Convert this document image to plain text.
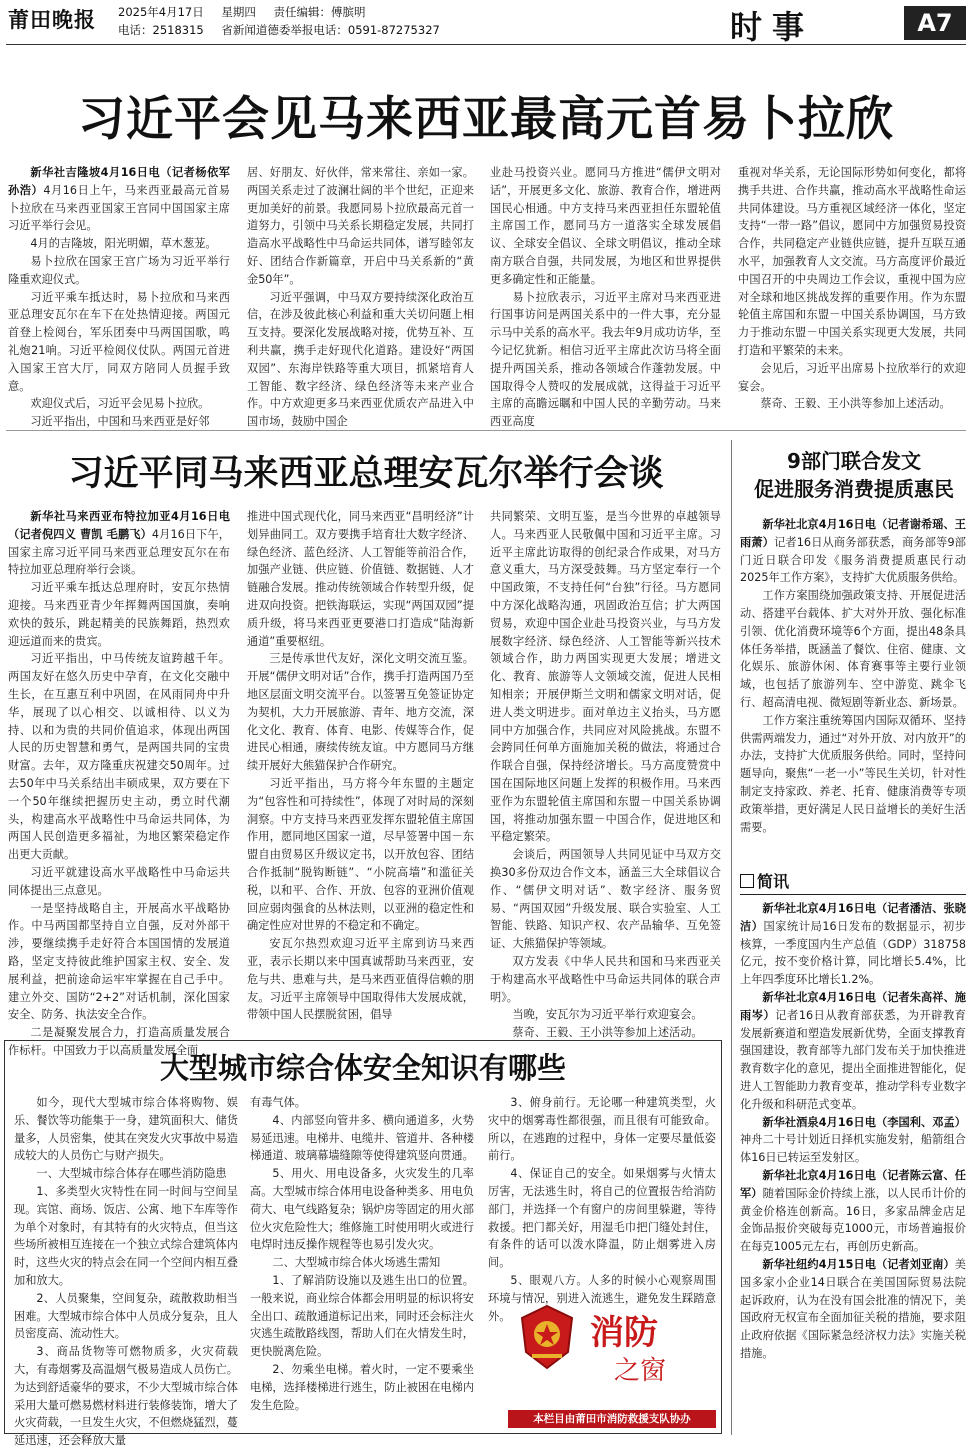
莆田晚报 2025年4月17日 星期四 责任编辑：傅膑明
电话：2518315 省新闻道德委举报电话：0591-87275327	时事	A7
习近平会见马来西亚最高元首易卜拉欣

新华社吉隆坡4月16日电（记者杨依军 孙浩）4月16日上午，马来西亚最高元首易卜拉欣在马来西亚国家王宫同中国国家主席习近平举行会见。

4月的吉隆坡，阳光明媚，草木葱茏。

易卜拉欣在国家王宫广场为习近平举行隆重欢迎仪式。

习近平乘车抵达时，易卜拉欣和马来西亚总理安瓦尔在车下在处热情迎接。两国元首登上检阅台，军乐团奏中马两国国歌，鸣礼炮21响。习近平检阅仪仗队。两国元首进入国家王宫大厅，同双方陪同人员握手致意。

欢迎仪式后，习近平会见易卜拉欣。

习近平指出，中国和马来西亚是好邻

居、好朋友、好伙伴，常来常往、亲如一家。两国关系走过了波澜壮阔的半个世纪，正迎来更加美好的前景。我愿同易卜拉欣最高元首一道努力，引领中马关系长期稳定发展，共同打造高水平战略性中马命运共同体，谱写睦邻友好、团结合作新篇章，开启中马关系新的“黄金50年”。

习近平强调，中马双方要持续深化政治互信，在涉及彼此核心利益和重大关切问题上相互支持。要深化发展战略对接，优势互补、互利共赢，携手走好现代化道路。建设好“两国双园”、东海岸铁路等重大项目，抓紧培育人工智能、数字经济、绿色经济等未来产业合作。中方欢迎更多马来西亚优质农产品进入中国市场，鼓励中国企

业赴马投资兴业。愿同马方推进“儒伊文明对话”，开展更多文化、旅游、教育合作，增进两国民心相通。中方支持马来西亚担任东盟轮值主席国工作，愿同马方一道落实全球发展倡议、全球安全倡议、全球文明倡议，推动全球南方联合自强，共同发展，为地区和世界提供更多确定性和正能量。

易卜拉欣表示，习近平主席对马来西亚进行国事访问是两国关系中的一件大事，充分显示马中关系的高水平。我去年9月成功访华，至今记忆犹新。相信习近平主席此次访马将全面提升两国关系，推动各领域合作蓬勃发展。中国取得令人赞叹的发展成就，这得益于习近平主席的高瞻远瞩和中国人民的辛勤劳动。马来西亚高度

重视对华关系，无论国际形势如何变化，都将携手共进、合作共赢，推动高水平战略性命运共同体建设。马方重视区域经济一体化，坚定支持“一带一路”倡议，愿同中方加强贸易投资合作，共同稳定产业链供应链，提升互联互通水平，加强教育人文交流。马方高度评价最近中国召开的中央周边工作会议，重视中国为应对全球和地区挑战发挥的重要作用。作为东盟轮值主席国和东盟－中国关系协调国，马方致力于推动东盟－中国关系实现更大发展，共同打造和平繁荣的未来。

会见后，习近平出席易卜拉欣举行的欢迎宴会。

蔡奇、王毅、王小洪等参加上述活动。

习近平同马来西亚总理安瓦尔举行会谈

新华社马来西亚布特拉加亚4月16日电（记者倪四义 曹凯 毛鹏飞）4月16日下午，国家主席习近平同马来西亚总理安瓦尔在布特拉加亚总理府举行会谈。

习近平乘车抵达总理府时，安瓦尔热情迎接。马来西亚青少年挥舞两国国旗，奏响欢快的鼓乐，跳起精美的民族舞蹈，热烈欢迎远道而来的贵宾。

习近平指出，中马传统友谊跨越千年。两国友好在悠久历史中孕育，在文化交融中生长，在互惠互利中巩固，在风雨同舟中升华，展现了以心相交、以诚相待、以义为持、以和为贵的共同价值追求，体现出两国人民的历史智慧和勇气，是两国共同的宝贵财富。去年，双方隆重庆祝建交50周年。过去50年中马关系结出丰硕成果，双方要在下一个50年继续把握历史主动，勇立时代潮头，构建高水平战略性中马命运共同体，为两国人民创造更多福祉，为地区繁荣稳定作出更大贡献。

习近平就建设高水平战略性中马命运共同体提出三点意见。

一是坚持战略自主，开展高水平战略协作。中马两国都坚持自立自强，反对外部干涉，要继续携手走好符合本国国情的发展道路，坚定支持彼此维护国家主权、安全、发展利益，把前途命运牢牢掌握在自己手中。建立外交、国防“2+2”对话机制，深化国家安全、防务、执法安全合作。

二是凝聚发展合力，打造高质量发展合作标杆。中国致力于以高质量发展全面

推进中国式现代化，同马来西亚“昌明经济”计划异曲同工。双方要携手培育壮大数字经济、绿色经济、蓝色经济、人工智能等前沿合作，加强产业链、供应链、价值链、数据链、人才链融合发展。推动传统领域合作转型升级，促进双向投资。把铁海联运，实现“两国双园”提质升级，将马来西亚更要港口打造成“陆海新通道”重要枢纽。

三是传承世代友好，深化文明交流互鉴。开展“儒伊文明对话”合作，携手打造两国乃至地区层面文明交流平台。以签署互免签证协定为契机，大力开展旅游、青年、地方交流，深化文化、教育、体育、电影、传媒等合作，促进民心相通，赓续传统友谊。中方愿同马方继续开展好大熊猫保护合作研究。

习近平指出，马方将今年东盟的主题定为“包容性和可持续性”，体现了对时局的深刻洞察。中方支持马来西亚发挥东盟轮值主席国作用，愿同地区国家一道，尽早签署中国－东盟自由贸易区升级议定书，以开放包容、团结合作抵制“脱钩断链”、“小院高墙”和滥征关税，以和平、合作、开放、包容的亚洲价值观回应弱肉强食的丛林法则，以亚洲的稳定性和确定性应对世界的不稳定和不确定。

安瓦尔热烈欢迎习近平主席到访马来西亚，表示长期以来中国真诚帮助马来西亚，安危与共、患难与共，是马来西亚值得信赖的朋友。习近平主席领导中国取得伟大发展成就，带领中国人民摆脱贫困，倡导

共同繁荣、文明互鉴，是当今世界的卓越领导人。马来西亚人民敬佩中国和习近平主席。习近平主席此访取得的创纪录合作成果，对马方意义重大，马方深受鼓舞。马方坚定奉行一个中国政策，不支持任何“台独”行径。马方愿同中方深化战略沟通，巩固政治互信；扩大两国贸易，欢迎中国企业赴马投资兴业，与马方发展数字经济、绿色经济、人工智能等新兴技术领域合作，助力两国实现更大发展；增进文化、教育、旅游等人文领域交流，促进人民相知相亲；开展伊斯兰文明和儒家文明对话，促进人类文明进步。面对单边主义抬头，马方愿同中方加强合作，共同应对风险挑战。东盟不会跨同任何单方面施加关税的做法，将通过合作联合自强，保持经济增长。马方高度赞赏中国在国际地区问题上发挥的积极作用。马来西亚作为东盟轮值主席国和东盟－中国关系协调国，将推动加强东盟－中国合作，促进地区和平稳定繁荣。

会谈后，两国领导人共同见证中马双方交换30多份双边合作文本，涵盖三大全球倡议合作、“儒伊文明对话”、数字经济、服务贸易、“两国双园”升级发展、联合实验室、人工智能、铁路、知识产权、农产品输华、互免签证、大熊猫保护等领域。

双方发表《中华人民共和国和马来西亚关于构建高水平战略性中马命运共同体的联合声明》。

当晚，安瓦尔为习近平举行欢迎宴会。

蔡奇、王毅、王小洪等参加上述活动。

9部门联合发文
促进服务消费提质惠民

新华社北京4月16日电（记者谢希瑶、王雨萧）记者16日从商务部获悉，商务部等9部门近日联合印发《服务消费提质惠民行动2025年工作方案》，支持扩大优质服务供给。

工作方案围绕加强政策支持、开展促进活动、搭建平台载体、扩大对外开放、强化标准引领、优化消费环境等6个方面，提出48条具体任务举措，既涵盖了餐饮、住宿、健康、文化娱乐、旅游休闲、体育赛事等主要行业领域，也包括了旅游列车、空中游览、跳伞飞行、超高清电视、微短剧等新业态、新场景。

工作方案注重统筹国内国际双循环、坚持供需两端发力，通过“对外开放、对内放开”的办法，支持扩大优质服务供给。同时，坚持问题导向，聚焦“一老一小”等民生关切，针对性制定支持家政、养老、托育、健康消费等专项政策举措，更好满足人民日益增长的美好生活需要。

简讯

新华社北京4月16日电（记者潘洁、张晓洁）国家统计局16日发布的数据显示，初步核算，一季度国内生产总值（GDP）318758亿元，按不变价格计算，同比增长5.4%，比上年四季度环比增长1.2%。

新华社北京4月16日电（记者朱高祥、施雨岑）记者16日从教育部获悉，为开辟教育发展新赛道和塑造发展新优势，全面支撑教育强国建设，教育部等九部门发布关于加快推进教育数字化的意见，提出全面推进智能化，促进人工智能助力教育变革，推动学科专业数字化升级和科研范式变革。

新华社酒泉4月16日电（李国利、邓孟）神舟二十号计划近日择机实施发射，船箭组合体16日已转运至发射区。

新华社北京4月16日电（记者陈云富、任军）随着国际金价持续上涨，以人民币计价的黄金价格连创新高。16日，多家品牌金店足金饰品报价突破每克1000元，市场普遍报价在每克1005元左右，再创历史新高。

新华社纽约4月15日电（记者刘亚南）美国多家小企业14日联合在美国国际贸易法院起诉政府，认为在没有国会批准的情况下，美国政府无权宣布全面加征关税的措施，要求阻止政府依据《国际紧急经济权力法》实施关税措施。

大型城市综合体安全知识有哪些

如今，现代大型城市综合体将购物、娱乐、餐饮等功能集于一身，建筑面积大、储货量多，人员密集，使其在突发火灾事故中易造成较大的人员伤亡与财产损失。

一、大型城市综合体存在哪些消防隐患

1、多类型火灾特性在同一时间与空间呈现。宾馆、商场、饭店、公寓、地下车库等作为单个对象时，有其特有的火灾特点，但当这些场所被相互连接在一个独立式综合建筑体内时，这些火灾的特点会在同一个空间内相互叠加和放大。

2、人员聚集，空间复杂，疏散救助相当困难。大型城市综合体中人员成分复杂，且人员密度高、流动性大。

3、商品货物等可燃物质多，火灾荷载大，有毒烟雾及高温烟气极易造成人员伤亡。为达到舒适豪华的要求，不少大型城市综合体采用大量可燃易燃材料进行装修装饰，增大了火灾荷载，一旦发生火灾，不但燃烧猛烈，蔓延迅速，还会释放大量

有毒气体。

4、内部竖向管井多、横向通道多，火势易延迅速。电梯井、电缆井、管道井、各种楼梯通道、玻璃幕墙缝隙等使得建筑竖向贯通。

5、用火、用电设备多，火灾发生的几率高。大型城市综合体用电设备种类多、用电负荷大、电气线路复杂；锅炉房等固定的用火部位火灾危险性大；维修施工时使用明火或进行电焊时违反操作规程等也易引发火灾。

二、大型城市综合体火场逃生需知

1、了解消防设施以及逃生出口的位置。一般来说，商业综合体都会用明显的标识将安全出口、疏散通道标记出来，同时还会标注火灾逃生疏散路线图，帮助人们在火情发生时，更快脱离危险。

2、勿乘坐电梯。着火时，一定不要乘坐电梯，选择楼梯进行逃生，防止被困在电梯内发生危险。

3、俯身前行。无论哪一种建筑类型，火灾中的烟雾毒性都很强，而且很有可能致命。所以，在逃跑的过程中，身体一定要尽量低姿前行。

4、保证自己的安全。如果烟雾与火情太厉害，无法逃生时，将自己的位置报告给消防部门，并选择一个有窗户的房间里躲避，等待救援。把门都关好，用湿毛巾把门缝处封住，有条件的话可以泼水降温，防止烟雾进入房间。

5、眼观八方。人多的时候小心观察周围环境与情况，别进入流逃生，避免发生踩踏意外。	消防
之窗
本栏目由莆田市消防救援支队协办
